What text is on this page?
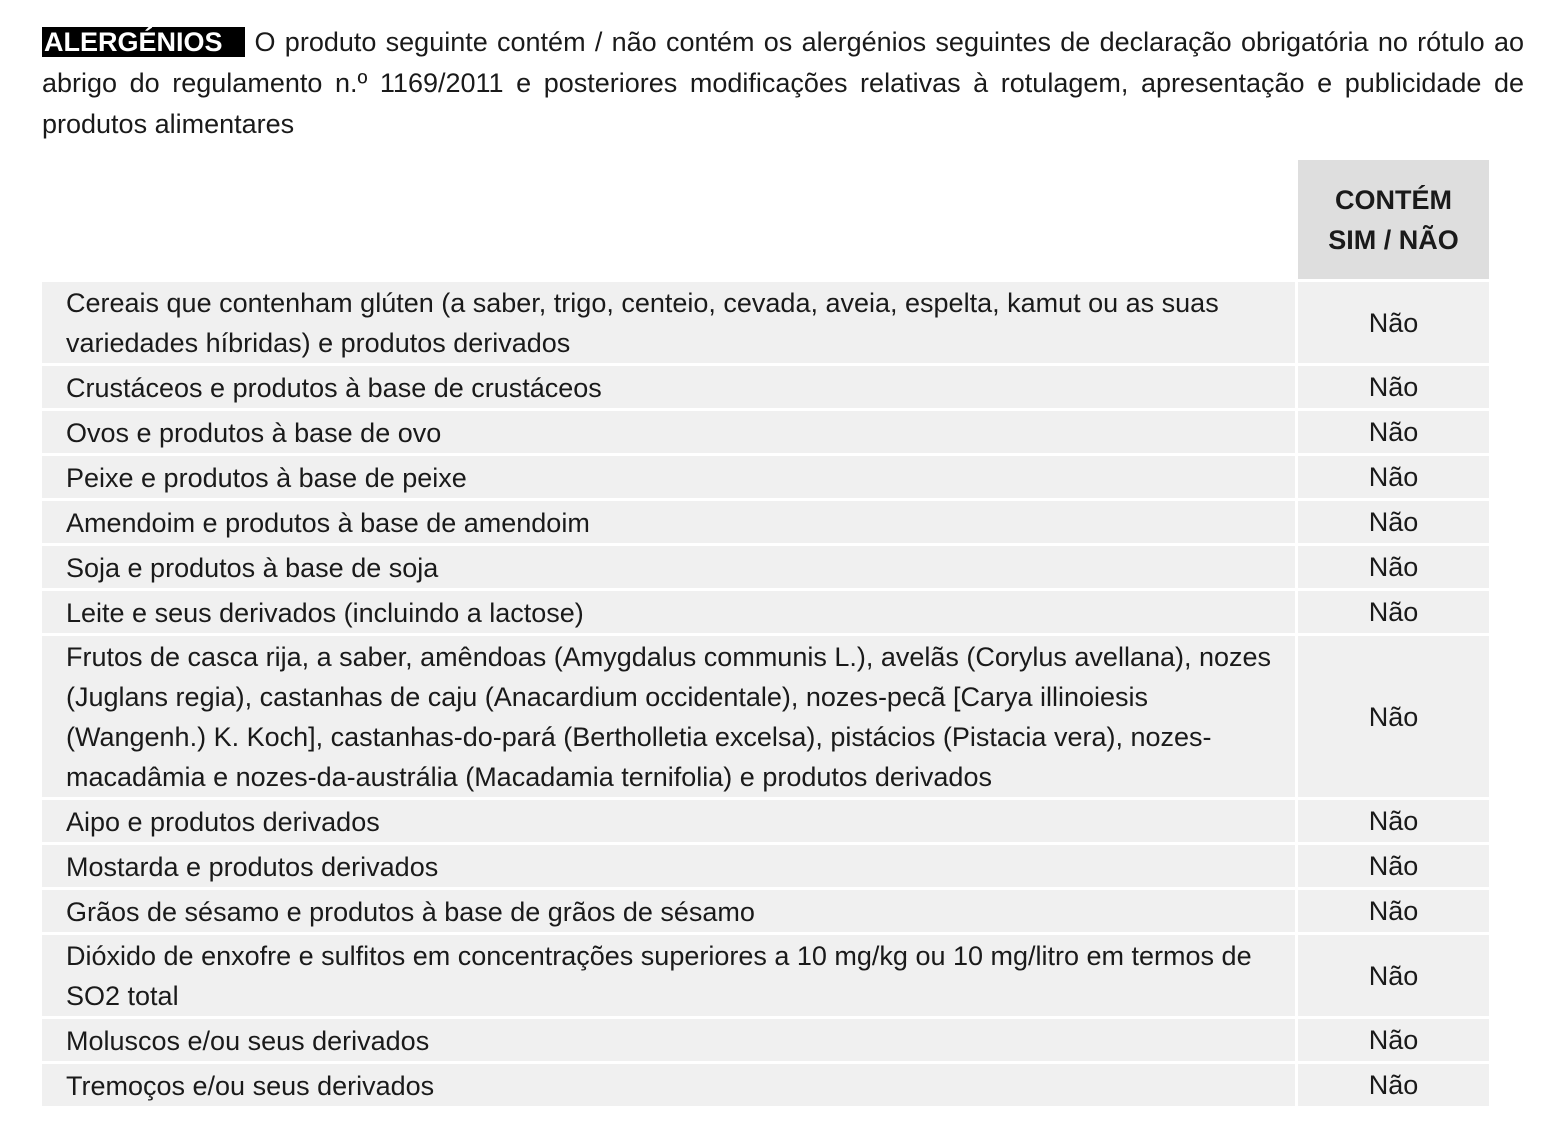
ALERGÉNIOS O produto seguinte contém / não contém os alergénios seguintes de declaração obrigatória no rótulo ao abrigo do regulamento n.º 1169/2011 e posteriores modificações relativas à rotulagem, apresentação e publicidade de produtos alimentares
	CONTÉM
SIM / NÃO
Cereais que contenham glúten (a saber, trigo, centeio, cevada, aveia, espelta, kamut ou as suas variedades híbridas) e produtos derivados	Não
Crustáceos e produtos à base de crustáceos	Não
Ovos e produtos à base de ovo	Não
Peixe e produtos à base de peixe	Não
Amendoim e produtos à base de amendoim	Não
Soja e produtos à base de soja	Não
Leite e seus derivados (incluindo a lactose)	Não
Frutos de casca rija, a saber, amêndoas (Amygdalus communis L.), avelãs (Corylus avellana), nozes (Juglans regia), castanhas de caju (Anacardium occidentale), nozes-pecã [Carya illinoiesis (Wangenh.) K. Koch], castanhas-do-pará (Bertholletia excelsa), pistácios (Pistacia vera), nozes-macadâmia e nozes-da-austrália (Macadamia ternifolia) e produtos derivados	Não
Aipo e produtos derivados	Não
Mostarda e produtos derivados	Não
Grãos de sésamo e produtos à base de grãos de sésamo	Não
Dióxido de enxofre e sulfitos em concentrações superiores a 10 mg/kg ou 10 mg/litro em termos de SO2 total	Não
Moluscos e/ou seus derivados	Não
Tremoços e/ou seus derivados	Não
